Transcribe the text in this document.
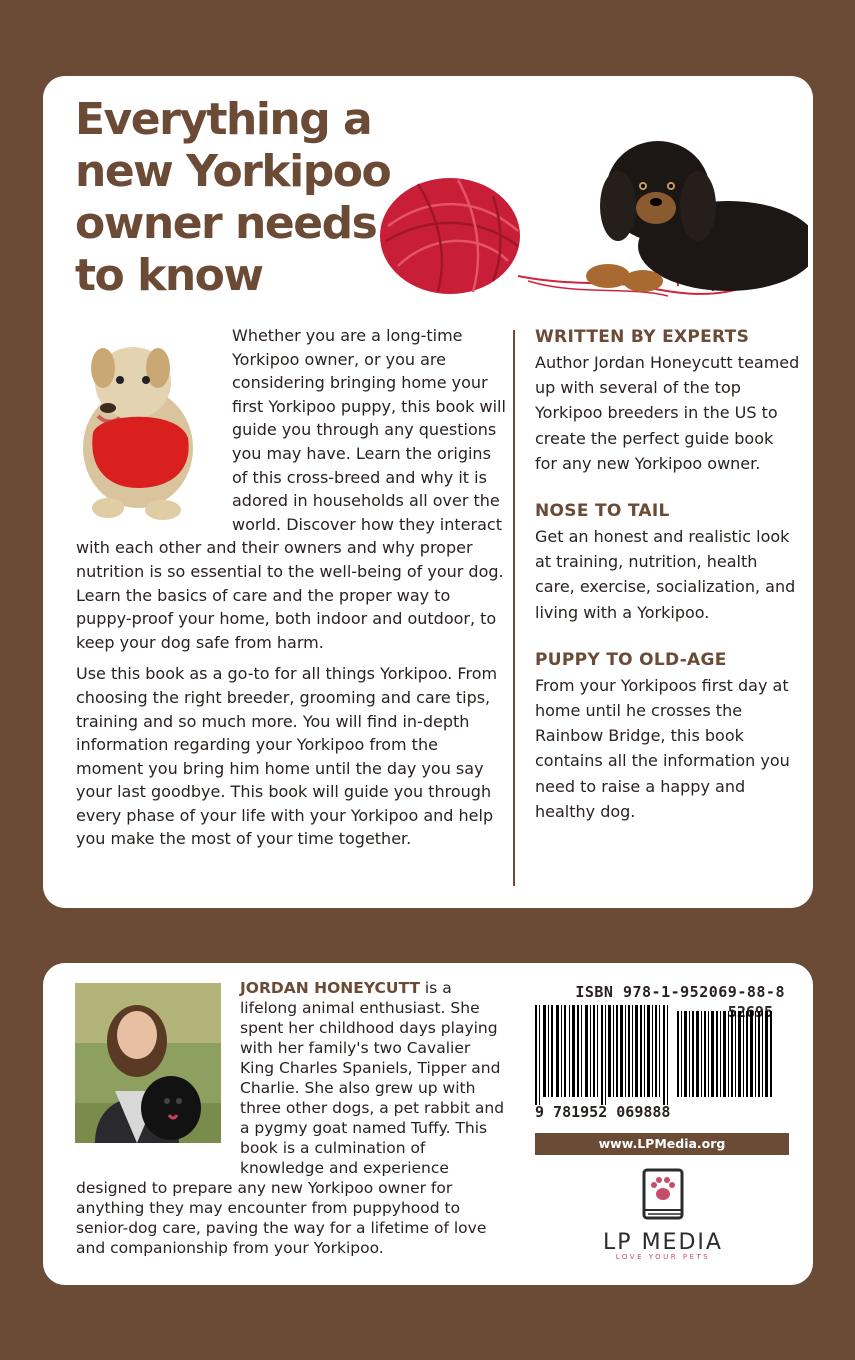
Everything a new Yorkipoo owner needs to know

Whether you are a long-time Yorkipoo owner, or you are considering bringing home your first Yorkipoo puppy, this book will guide you through any questions you may have. Learn the origins of this cross-breed and why it is adored in households all over the world. Discover how they interact with each other and their owners and why proper nutrition is so essential to the well-being of your dog. Learn the basics of care and the proper way to puppy-proof your home, both indoor and outdoor, to keep your dog safe from harm.

Use this book as a go-to for all things Yorkipoo. From choosing the right breeder, grooming and care tips, training and so much more. You will find in-depth information regarding your Yorkipoo from the moment you bring him home until the day you say your last goodbye. This book will guide you through every phase of your life with your Yorkipoo and help you make the most of your time together.

WRITTEN BY EXPERTS
Author Jordan Honeycutt teamed up with several of the top Yorkipoo breeders in the US to create the perfect guide book for any new Yorkipoo owner.
NOSE TO TAIL
Get an honest and realistic look at training, nutrition, health care, exercise, socialization, and living with a Yorkipoo.
PUPPY TO OLD-AGE
From your Yorkipoos first day at home until he crosses the Rainbow Bridge, this book contains all the information you need to raise a happy and healthy dog.
JORDAN HONEYCUTT is a lifelong animal enthusiast. She spent her childhood days playing with her family's two Cavalier King Charles Spaniels, Tipper and Charlie. She also grew up with three other dogs, a pet rabbit and a pygmy goat named Tuffy. This book is a culmination of knowledge and experience designed to prepare any new Yorkipoo owner for anything they may encounter from puppyhood to senior-dog care, paving the way for a lifetime of love and companionship from your Yorkipoo.
ISBN 978-1-952069-88-8
9 781952 069888
www.LPMedia.org
LP MEDIA
LOVE YOUR PETS
